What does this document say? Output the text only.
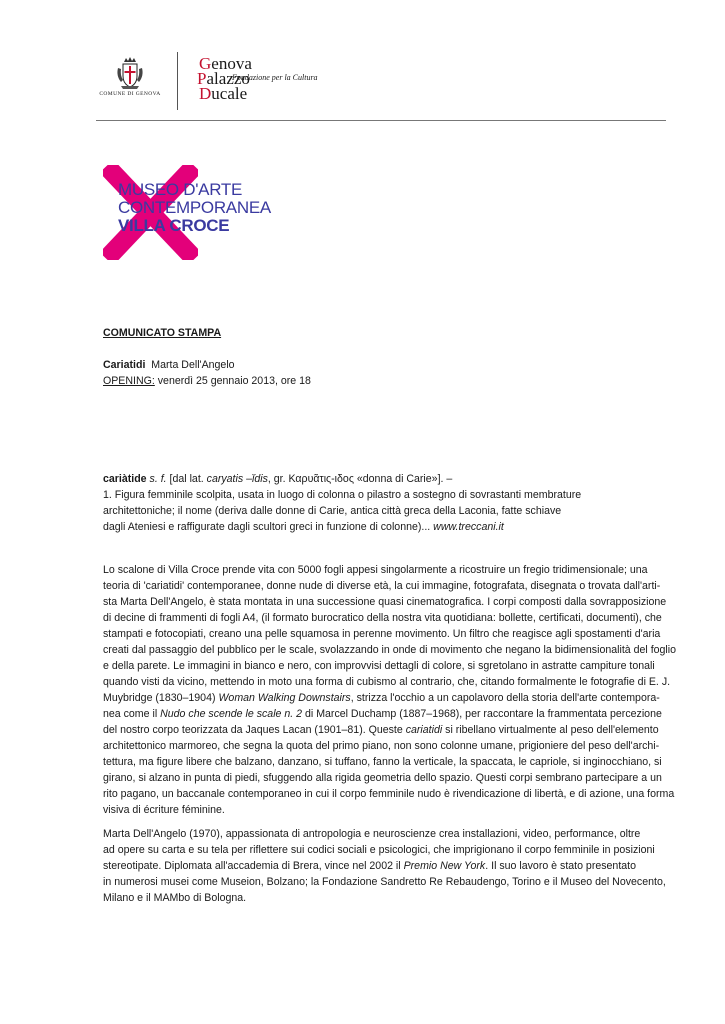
COMUNE DI GENOVA
Genova
Palazzo
Ducale
Fondazione per la Cultura
MUSEO D'ARTE
CONTEMPORANEA
VILLA CROCE
COMUNICATO STAMPA
Cariatidi Marta Dell'Angelo
OPENING: venerdì 25 gennaio 2013, ore 18
cariàtide s. f. [dal lat. caryatis –ĭdis, gr. Καρυᾶτις-ιδος «donna di Carie»]. –
1. Figura femminile scolpita, usata in luogo di colonna o pilastro a sostegno di sovrastanti membrature
architettoniche; il nome (deriva dalle donne di Carie, antica città greca della Laconia, fatte schiave
dagli Ateniesi e raffigurate dagli scultori greci in funzione di colonne)... www.treccani.it
Lo scalone di Villa Croce prende vita con 5000 fogli appesi singolarmente a ricostruire un fregio tridimensionale; una
teoria di 'cariatidi' contemporanee, donne nude di diverse età, la cui immagine, fotografata, disegnata o trovata dall'arti-
sta Marta Dell'Angelo, è stata montata in una successione quasi cinematografica. I corpi composti dalla sovrapposizione
di decine di frammenti di fogli A4, (il formato burocratico della nostra vita quotidiana: bollette, certificati, documenti), che
stampati e fotocopiati, creano una pelle squamosa in perenne movimento. Un filtro che reagisce agli spostamenti d'aria
creati dal passaggio del pubblico per le scale, svolazzando in onde di movimento che negano la bidimensionalità del foglio
e della parete. Le immagini in bianco e nero, con improvvisi dettagli di colore, si sgretolano in astratte campiture tonali
quando visti da vicino, mettendo in moto una forma di cubismo al contrario, che, citando formalmente le fotografie di E. J.
Muybridge (1830–1904) Woman Walking Downstairs, strizza l'occhio a un capolavoro della storia dell'arte contempora-
nea come il Nudo che scende le scale n. 2 di Marcel Duchamp (1887–1968), per raccontare la frammentata percezione
del nostro corpo teorizzata da Jaques Lacan (1901–81). Queste cariatidi si ribellano virtualmente al peso dell'elemento
architettonico marmoreo, che segna la quota del primo piano, non sono colonne umane, prigioniere del peso dell'archi-
tettura, ma figure libere che balzano, danzano, si tuffano, fanno la verticale, la spaccata, le capriole, si inginocchiano, si
girano, si alzano in punta di piedi, sfuggendo alla rigida geometria dello spazio. Questi corpi sembrano partecipare a un
rito pagano, un baccanale contemporaneo in cui il corpo femminile nudo è rivendicazione di libertà, e di azione, una forma
visiva di écriture féminine.
Marta Dell'Angelo (1970), appassionata di antropologia e neuroscienze crea installazioni, video, performance, oltre
ad opere su carta e su tela per riflettere sui codici sociali e psicologici, che imprigionano il corpo femminile in posizioni
stereotipate. Diplomata all'accademia di Brera, vince nel 2002 il Premio New York. Il suo lavoro è stato presentato
in numerosi musei come Museion, Bolzano; la Fondazione Sandretto Re Rebaudengo, Torino e il Museo del Novecento,
Milano e il MAMbo di Bologna.
